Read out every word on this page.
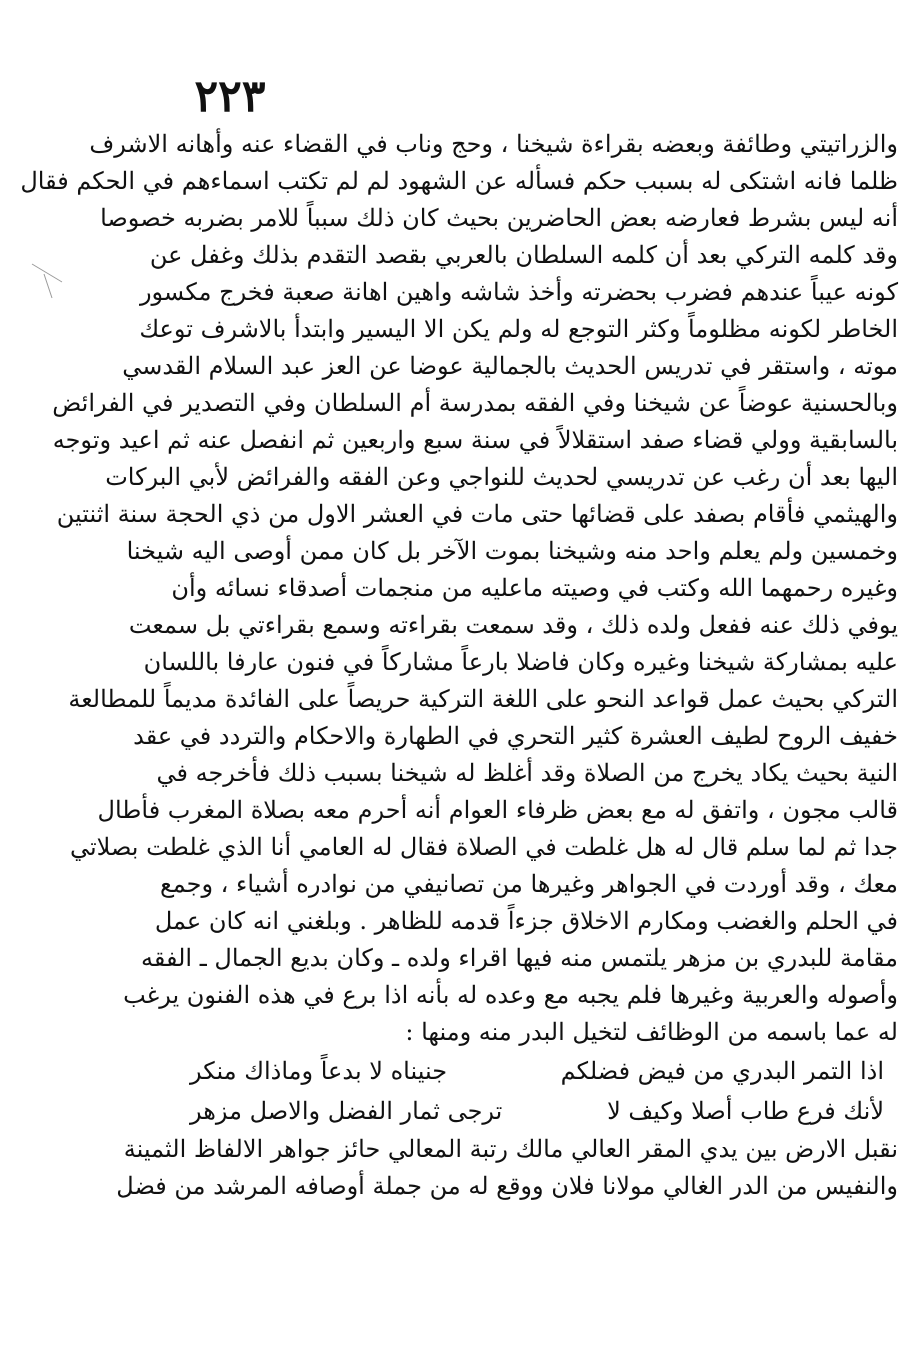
٢٢٣
والزراتيتي وطائفة وبعضه بقراءة شيخنا ، وحج وناب في القضاء عنه وأهانه الاشرف
ظلما فانه اشتكى له بسبب حكم فسأله عن الشهود لم لم تكتب اسماءهم في الحكم فقال
أنه ليس بشرط فعارضه بعض الحاضرين بحيث كان ذلك سبباً للامر بضربه خصوصا
وقد كلمه التركي بعد أن كلمه السلطان بالعربي بقصد التقدم بذلك وغفل عن
كونه عيباً عندهم فضرب بحضرته وأخذ شاشه واهين اهانة صعبة فخرج مكسور
الخاطر لكونه مظلوماً وكثر التوجع له ولم يكن الا اليسير وابتدأ بالاشرف توعك
موته ، واستقر في تدريس الحديث بالجمالية عوضا عن العز عبد السلام القدسي
وبالحسنية عوضاً عن شيخنا وفي الفقه بمدرسة أم السلطان وفي التصدير في الفرائض
بالسابقية وولي قضاء صفد استقلالاً في سنة سبع واربعين ثم انفصل عنه ثم اعيد وتوجه
اليها بعد أن رغب عن تدريسي لحديث للنواجي وعن الفقه والفرائض لأبي البركات
والهيثمي فأقام بصفد على قضائها حتى مات في العشر الاول من ذي الحجة سنة اثنتين
وخمسين ولم يعلم واحد منه وشيخنا بموت الآخر بل كان ممن أوصى اليه شيخنا
وغيره رحمهما الله وكتب في وصيته ماعليه من منجمات أصدقاء نسائه وأن
يوفي ذلك عنه ففعل ولده ذلك ، وقد سمعت بقراءته وسمع بقراءتي بل سمعت
عليه بمشاركة شيخنا وغيره وكان فاضلا بارعاً مشاركاً في فنون عارفا باللسان
التركي بحيث عمل قواعد النحو على اللغة التركية حريصاً على الفائدة مديماً للمطالعة
خفيف الروح لطيف العشرة كثير التحري في الطهارة والاحكام والتردد في عقد
النية بحيث يكاد يخرج من الصلاة وقد أغلظ له شيخنا بسبب ذلك فأخرجه في
قالب مجون ، واتفق له مع بعض ظرفاء العوام أنه أحرم معه بصلاة المغرب فأطال
جدا ثم لما سلم قال له هل غلطت في الصلاة فقال له العامي أنا الذي غلطت بصلاتي
معك ، وقد أوردت في الجواهر وغيرها من تصانيفي من نوادره أشياء ، وجمع
في الحلم والغضب ومكارم الاخلاق جزءاً قدمه للظاهر . وبلغني انه كان عمل
مقامة للبدري بن مزهر يلتمس منه فيها اقراء ولده ـ وكان بديع الجمال ـ الفقه
وأصوله والعربية وغيرها فلم يجبه مع وعده له بأنه اذا برع في هذه الفنون يرغب
له عما باسمه من الوظائف لتخيل البدر منه ومنها :
اذا التمر البدري من فيض فضلكم
جنيناه لا بدعاً وماذاك منكر
لأنك فرع طاب أصلا وكيف لا
ترجى ثمار الفضل والاصل مزهر
نقبل الارض بين يدي المقر العالي مالك رتبة المعالي حائز جواهر الالفاظ الثمينة
والنفيس من الدر الغالي مولانا فلان ووقع له من جملة أوصافه المرشد من فضل
